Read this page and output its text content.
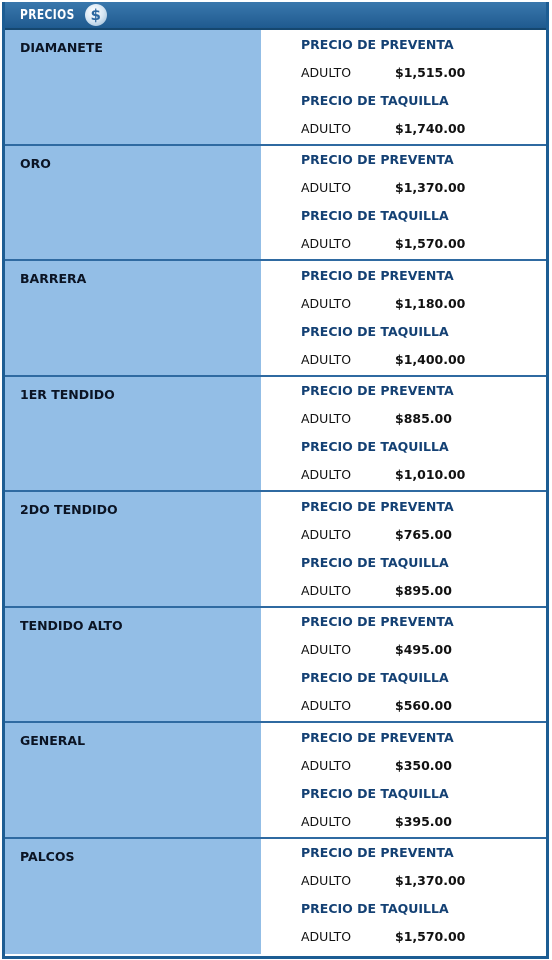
PRECIOS $
DIAMANETE	PRECIO DE PREVENTA
ADULTO	$1,515.00
PRECIO DE TAQUILLA
ADULTO	$1,740.00
ORO	PRECIO DE PREVENTA
ADULTO	$1,370.00
PRECIO DE TAQUILLA
ADULTO	$1,570.00
BARRERA	PRECIO DE PREVENTA
ADULTO	$1,180.00
PRECIO DE TAQUILLA
ADULTO	$1,400.00
1ER TENDIDO	PRECIO DE PREVENTA
ADULTO	$885.00
PRECIO DE TAQUILLA
ADULTO	$1,010.00
2DO TENDIDO	PRECIO DE PREVENTA
ADULTO	$765.00
PRECIO DE TAQUILLA
ADULTO	$895.00
TENDIDO ALTO	PRECIO DE PREVENTA
ADULTO	$495.00
PRECIO DE TAQUILLA
ADULTO	$560.00
GENERAL	PRECIO DE PREVENTA
ADULTO	$350.00
PRECIO DE TAQUILLA
ADULTO	$395.00
PALCOS	PRECIO DE PREVENTA
ADULTO	$1,370.00
PRECIO DE TAQUILLA
ADULTO	$1,570.00
